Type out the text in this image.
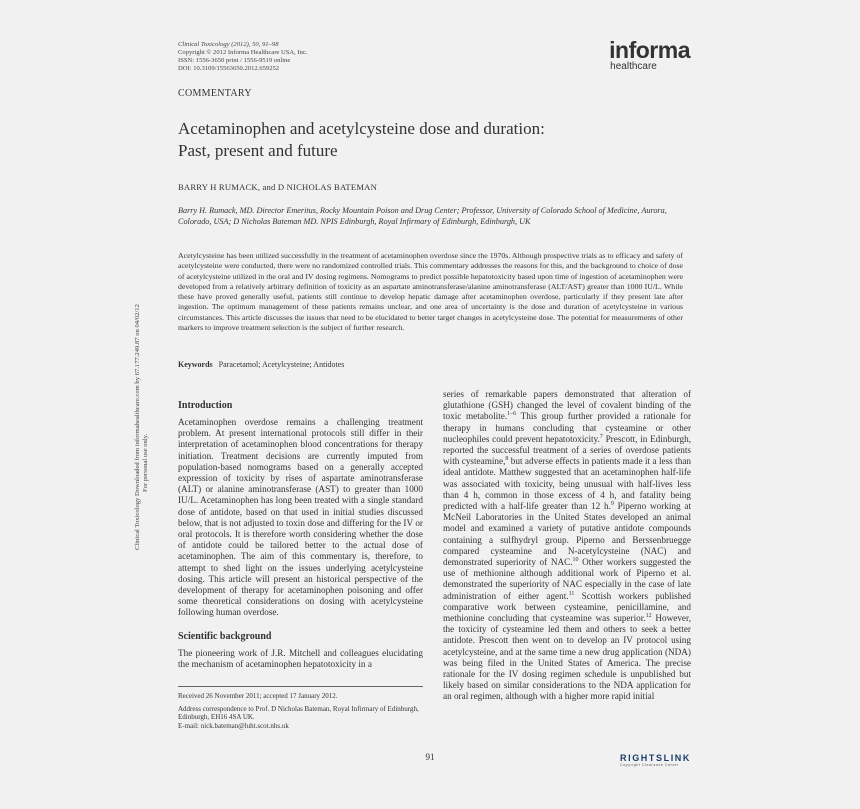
Clinical Toxicology (2012), 50, 91–98
Copyright © 2012 Informa Healthcare USA, Inc.
ISSN: 1556-3650 print / 1556-9519 online
DOI: 10.3109/15563650.2012.659252
informa
healthcare
COMMENTARY
Acetaminophen and acetylcysteine dose and duration:
Past, present and future
BARRY H RUMACK, and D NICHOLAS BATEMAN
Barry H. Rumack, MD. Director Emeritus, Rocky Mountain Poison and Drug Center; Professor, University of Colorado School of Medicine, Aurora, Colorado, USA; D Nicholas Bateman MD. NPIS Edinburgh, Royal Infirmary of Edinburgh, Edinburgh, UK
Acetylcysteine has been utilized successfully in the treatment of acetaminophen overdose since the 1970s. Although prospective trials as to efficacy and safety of acetylcysteine were conducted, there were no randomized controlled trials. This commentary addresses the reasons for this, and the background to choice of dose of acetylcysteine utilized in the oral and IV dosing regimens. Nomograms to predict possible hepatotoxicity based upon time of ingestion of acetaminophen were developed from a relatively arbitrary definition of toxicity as an aspartate aminotransferase/alanine aminotransferase (ALT/AST) greater than 1000 IU/L. While these have proved generally useful, patients still continue to develop hepatic damage after acetaminophen overdose, particularly if they present late after ingestion. The optimum management of these patients remains unclear, and one area of uncertainty is the dose and duration of acetylcysteine in various circumstances. This article discusses the issues that need to be elucidated to better target changes in acetylcysteine dose. The potential for measurements of other markers to improve treatment selection is the subject of further research.
Keywords Paracetamol; Acetylcysteine; Antidotes
Clinical Toxicology Downloaded from informahealthcare.com by 67.177.249.87 on 04/02/12 For personal use only.
Introduction

Acetaminophen overdose remains a challenging treatment problem. At present international protocols still differ in their interpretation of acetaminophen blood concentrations for therapy initiation. Treatment decisions are currently imputed from population-based nomograms based on a generally accepted expression of toxicity by rises of aspartate aminotransferase (ALT) or alanine aminotransferase (AST) to greater than 1000 IU/L. Acetaminophen has long been treated with a single standard dose of antidote, based on that used in initial studies discussed below, that is not adjusted to toxin dose and differing for the IV or oral protocols. It is therefore worth considering whether the dose of antidote could be tailored better to the actual dose of acetaminophen. The aim of this commentary is, therefore, to attempt to shed light on the issues underlying acetylcysteine dosing. This article will present an historical perspective of the development of therapy for acetaminophen poisoning and offer some theoretical considerations on dosing with acetylcysteine following human overdose.

Scientific background

The pioneering work of J.R. Mitchell and colleagues elucidating the mechanism of acetaminophen hepatotoxicity in a

series of remarkable papers demonstrated that alteration of glutathione (GSH) changed the level of covalent binding of the toxic metabolite.$^{1-6}$ This group further provided a rationale for therapy in humans concluding that cysteamine or other nucleophiles could prevent hepatotoxicity.$^7$ Prescott, in Edinburgh, reported the successful treatment of a series of overdose patients with cysteamine,$^8$ but adverse effects in patients made it a less than ideal antidote. Matthew suggested that an acetaminophen half-life was associated with toxicity, being unusual with half-lives less than 4 h, common in those excess of 4 h, and fatality being predicted with a half-life greater than 12 h.$^9$ Piperno working at McNeil Laboratories in the United States developed an animal model and examined a variety of putative antidote compounds containing a sulfhydryl group. Piperno and Berssenbruegge compared cysteamine and N-acetylcysteine (NAC) and demonstrated superiority of NAC.$^{10}$ Other workers suggested the use of methionine although additional work of Piperno et al. demonstrated the superiority of NAC especially in the case of late administration of either agent.$^{11}$ Scottish workers published comparative work between cysteamine, penicillamine, and methionine concluding that cysteamine was superior.$^{12}$ However, the toxicity of cysteamine led them and others to seek a better antidote. Prescott then went on to develop an IV protocol using acetylcysteine, and at the same time a new drug application (NDA) was being filed in the United States of America. The precise rationale for the IV dosing regimen schedule is unpublished but likely based on similar considerations to the NDA application for an oral regimen, although with a higher more rapid initial

Received 26 November 2011; accepted 17 January 2012.
Address correspondence to Prof. D Nicholas Bateman, Royal Infirmary of Edinburgh, Edinburgh, EH16 4SA UK.
E-mail: nick.bateman@luht.scot.nhs.uk
91	RIGHTSLINK
Copyright Clearance Center
